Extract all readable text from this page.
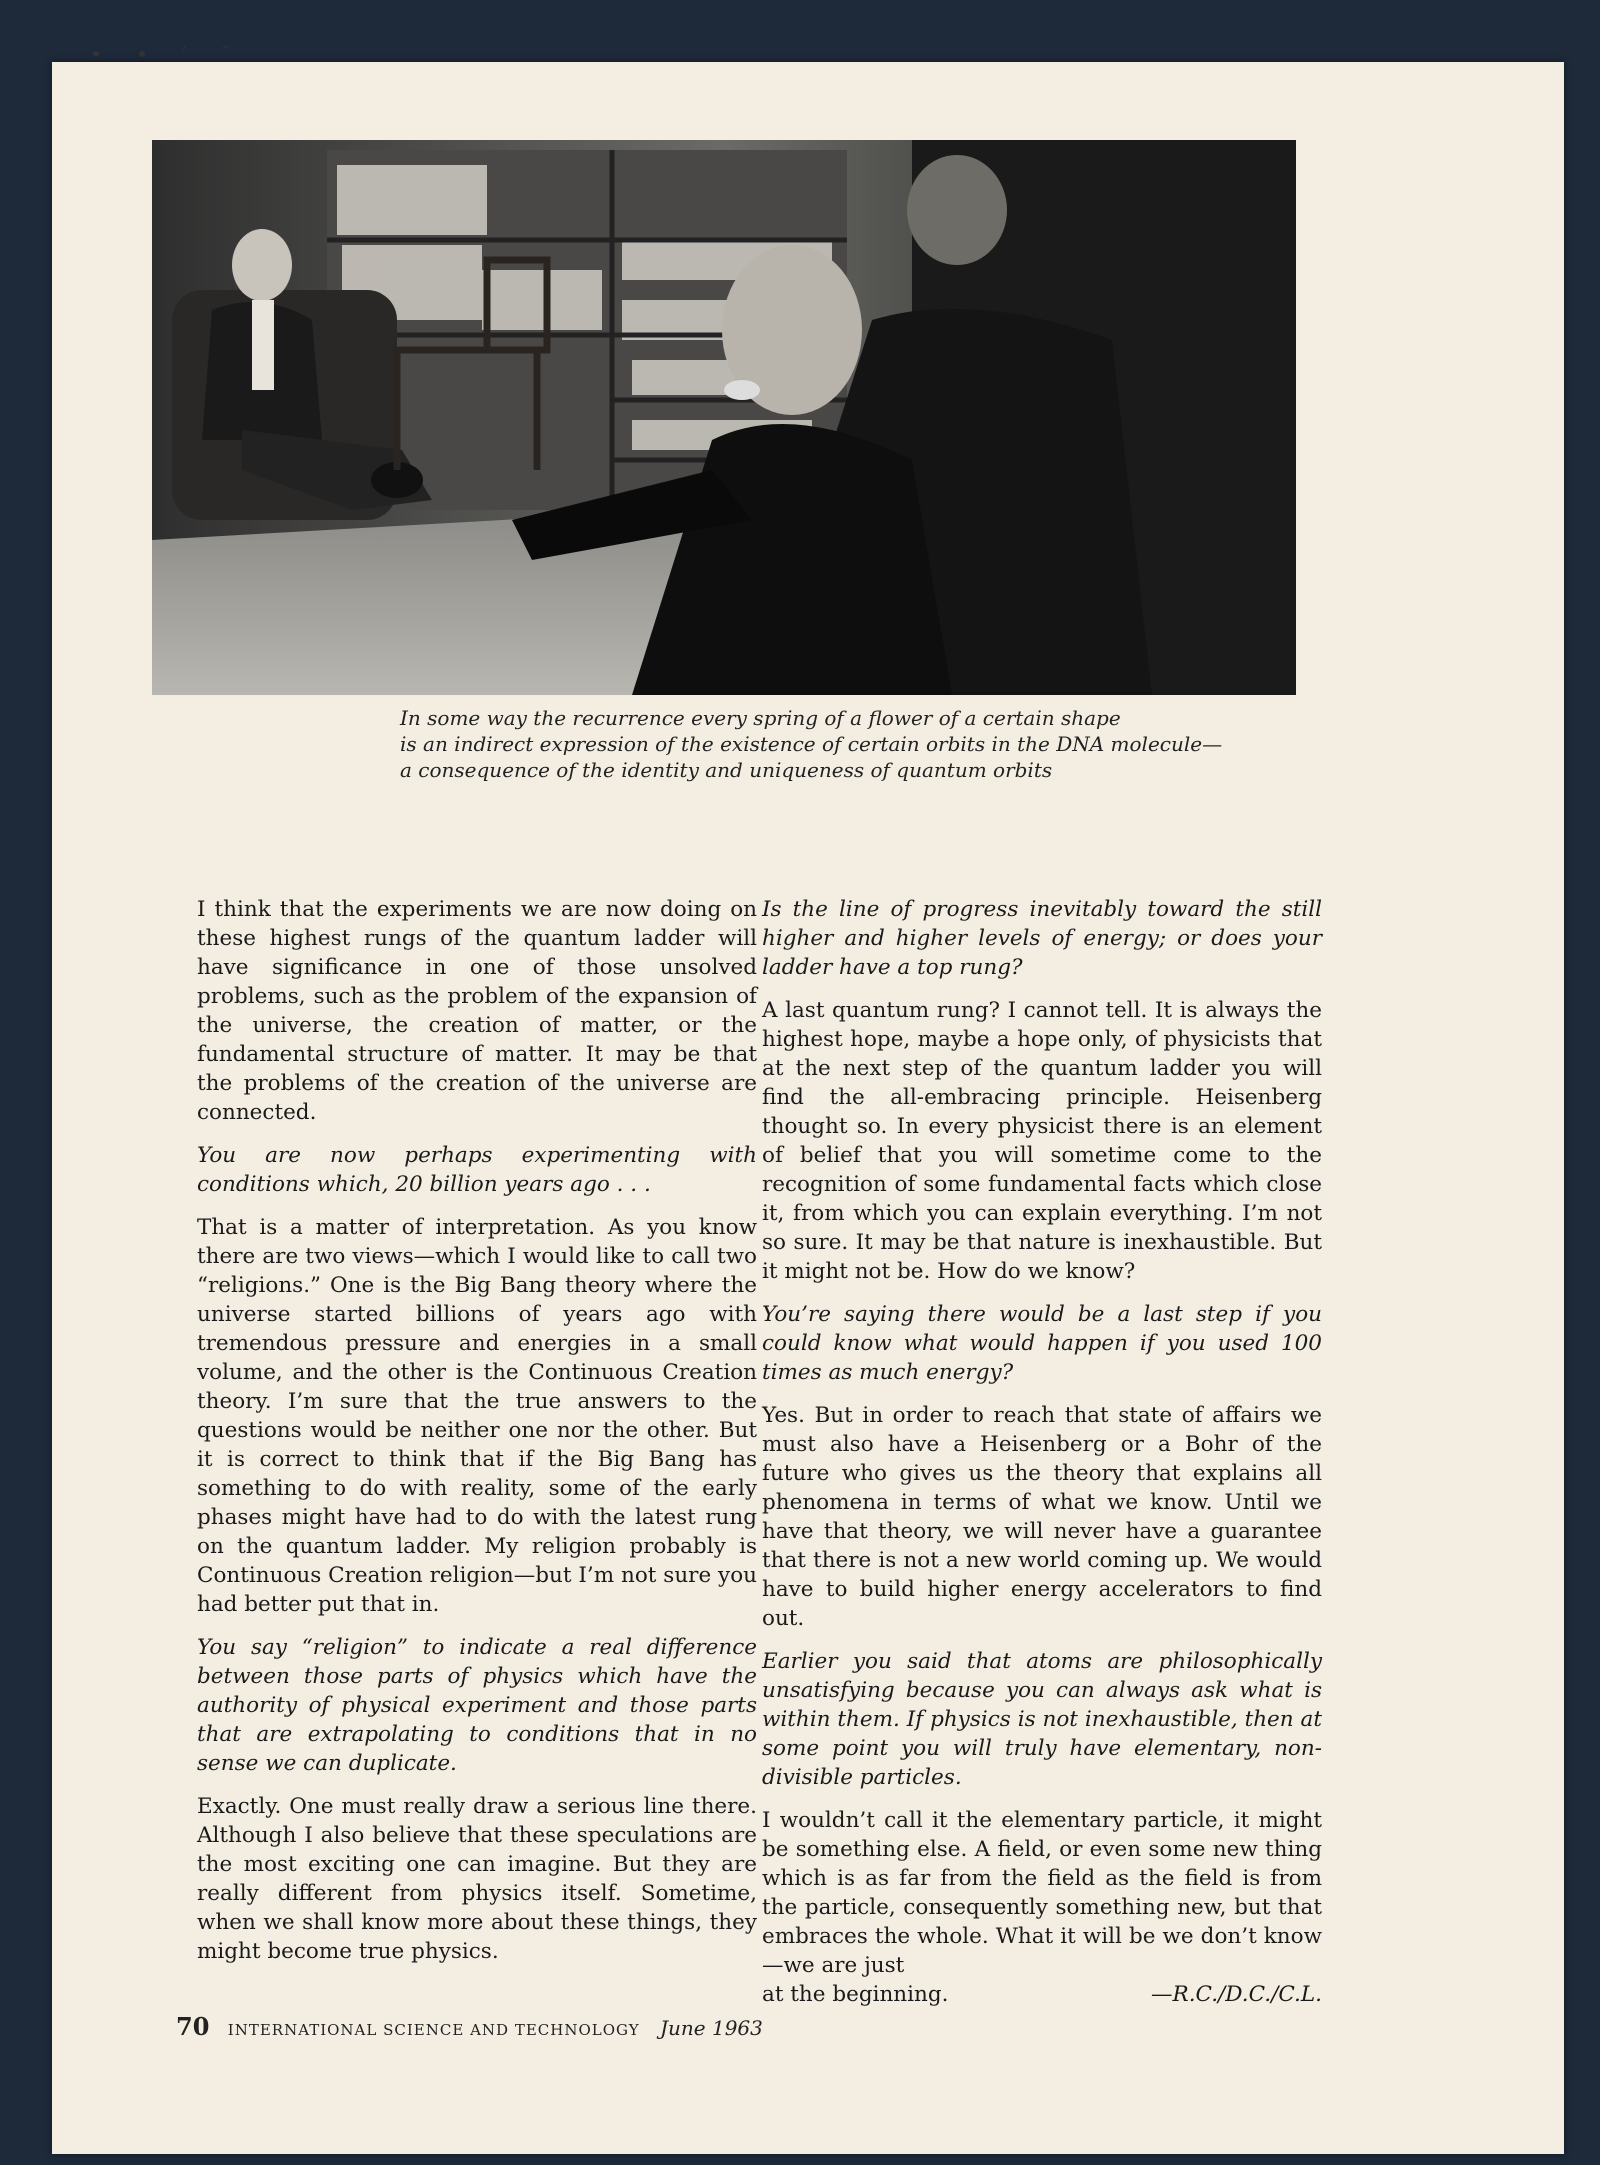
• • ′ ˜
In some way the recurrence every spring of a flower of a certain shape
is an indirect expression of the existence of certain orbits in the DNA molecule—
a consequence of the identity and uniqueness of quantum orbits

I think that the experiments we are now doing on these highest rungs of the quantum ladder will have significance in one of those unsolved problems, such as the problem of the expansion of the universe, the creation of matter, or the fundamental structure of matter. It may be that the problems of the creation of the universe are connected.

You are now perhaps experimenting with conditions which, 20 billion years ago . . .

That is a matter of interpretation. As you know there are two views—which I would like to call two “religions.” One is the Big Bang theory where the universe started billions of years ago with tremendous pressure and energies in a small volume, and the other is the Continuous Creation theory. I’m sure that the true answers to the questions would be neither one nor the other. But it is correct to think that if the Big Bang has something to do with reality, some of the early phases might have had to do with the latest rung on the quantum ladder. My religion probably is Continuous Creation religion—but I’m not sure you had better put that in.

You say “religion” to indicate a real difference between those parts of physics which have the authority of physical experiment and those parts that are extrapolating to conditions that in no sense we can duplicate.

Exactly. One must really draw a serious line there. Although I also believe that these speculations are the most exciting one can imagine. But they are really different from physics itself. Sometime, when we shall know more about these things, they might become true physics.

Is the line of progress inevitably toward the still higher and higher levels of energy; or does your ladder have a top rung?

A last quantum rung? I cannot tell. It is always the highest hope, maybe a hope only, of physicists that at the next step of the quantum ladder you will find the all-embracing principle. Heisenberg thought so. In every physicist there is an element of belief that you will sometime come to the recognition of some fundamental facts which close it, from which you can explain everything. I’m not so sure. It may be that nature is inexhaustible. But it might not be. How do we know?

You’re saying there would be a last step if you could know what would happen if you used 100 times as much energy?

Yes. But in order to reach that state of affairs we must also have a Heisenberg or a Bohr of the future who gives us the theory that explains all phenomena in terms of what we know. Until we have that theory, we will never have a guarantee that there is not a new world coming up. We would have to build higher energy accelerators to find out.

Earlier you said that atoms are philosophically unsatisfying because you can always ask what is within them. If physics is not inexhaustible, then at some point you will truly have elementary, non-divisible particles.

I wouldn’t call it the elementary particle, it might be something else. A field, or even some new thing which is as far from the field as the field is from the particle, consequently something new, but that embraces the whole. What it will be we don’t know—we are just

at the beginning.	—R.C./D.C./C.L.
70 INTERNATIONAL SCIENCE AND TECHNOLOGY June 1963
